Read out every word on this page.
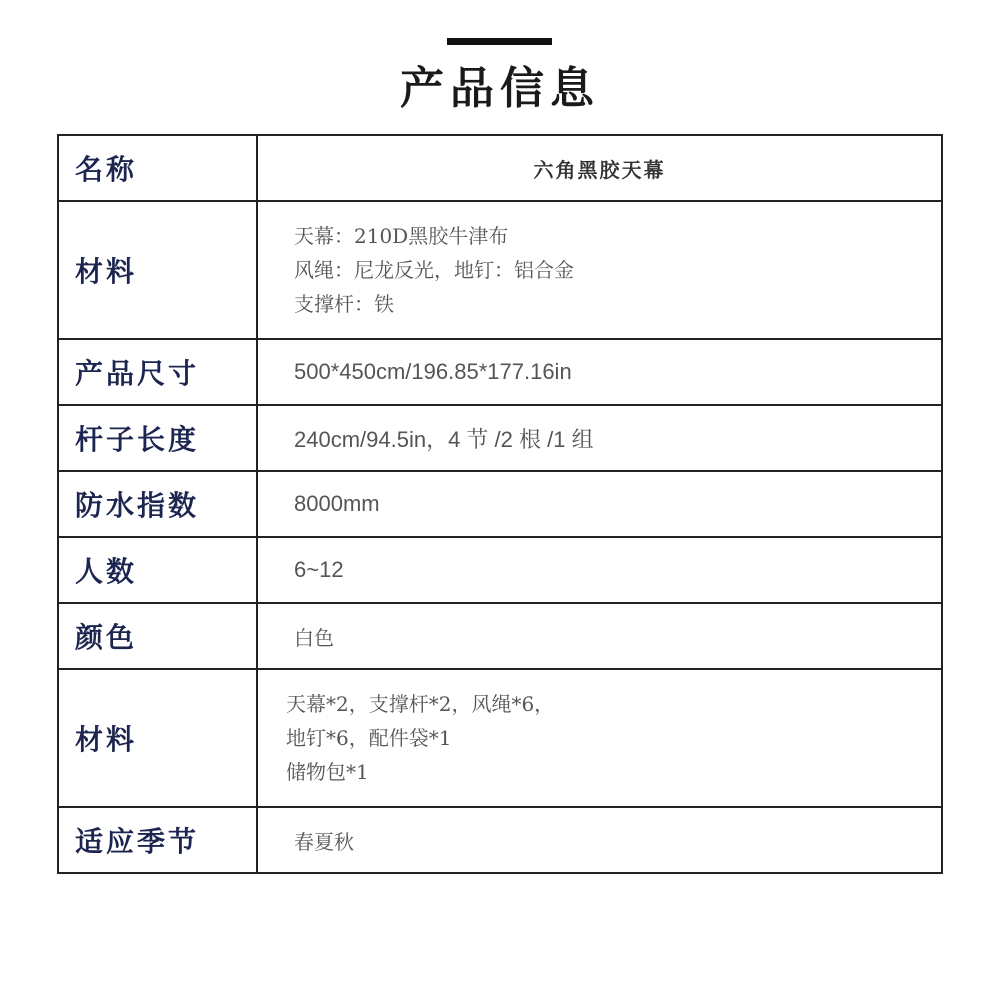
产品信息
名称	六角黑胶天幕

材料	天幕：210D黑胶牛津布
风绳：尼龙反光，地钉：铝合金
支撑杆：铁

产品尺寸	500*450cm/196.85*177.16in

杆子长度	240cm/94.5in，4 节 /2 根 /1 组

防水指数	8000mm

人数	6~12

颜色	白色

材料	天幕*2，支撑杆*2，风绳*6，
地钉*6，配件袋*1
储物包*1

适应季节	春夏秋
